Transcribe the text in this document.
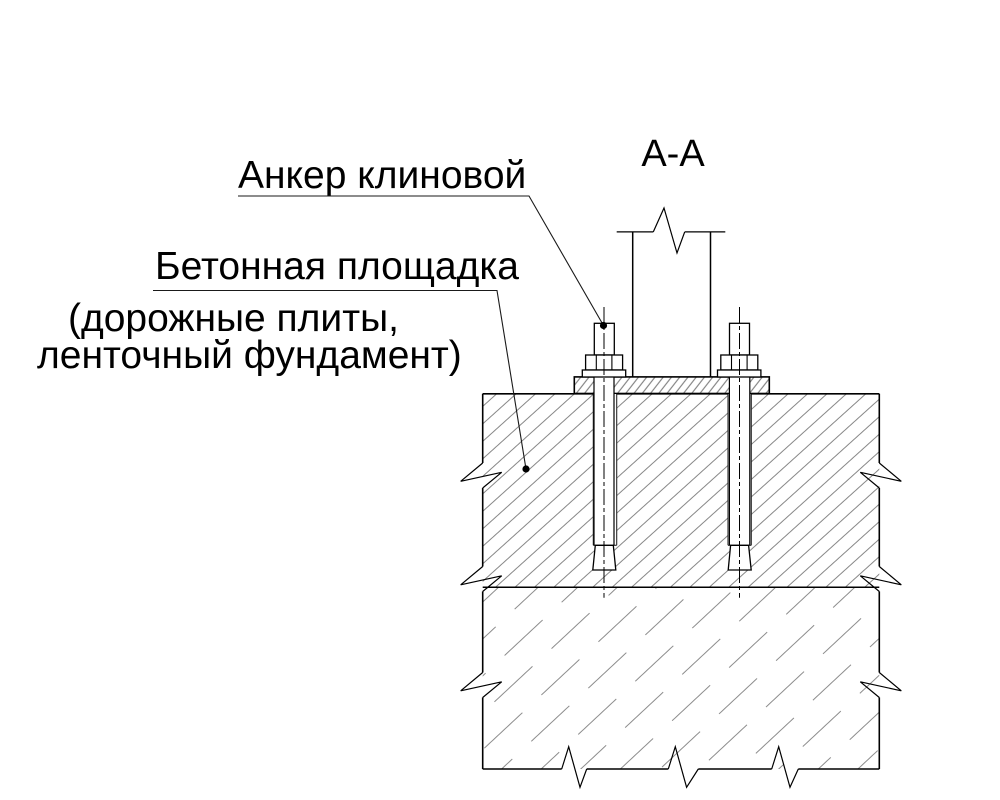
Анкер клиновой
Бетонная площадка
(дорожные плиты,
ленточный фундамент)
А-А
